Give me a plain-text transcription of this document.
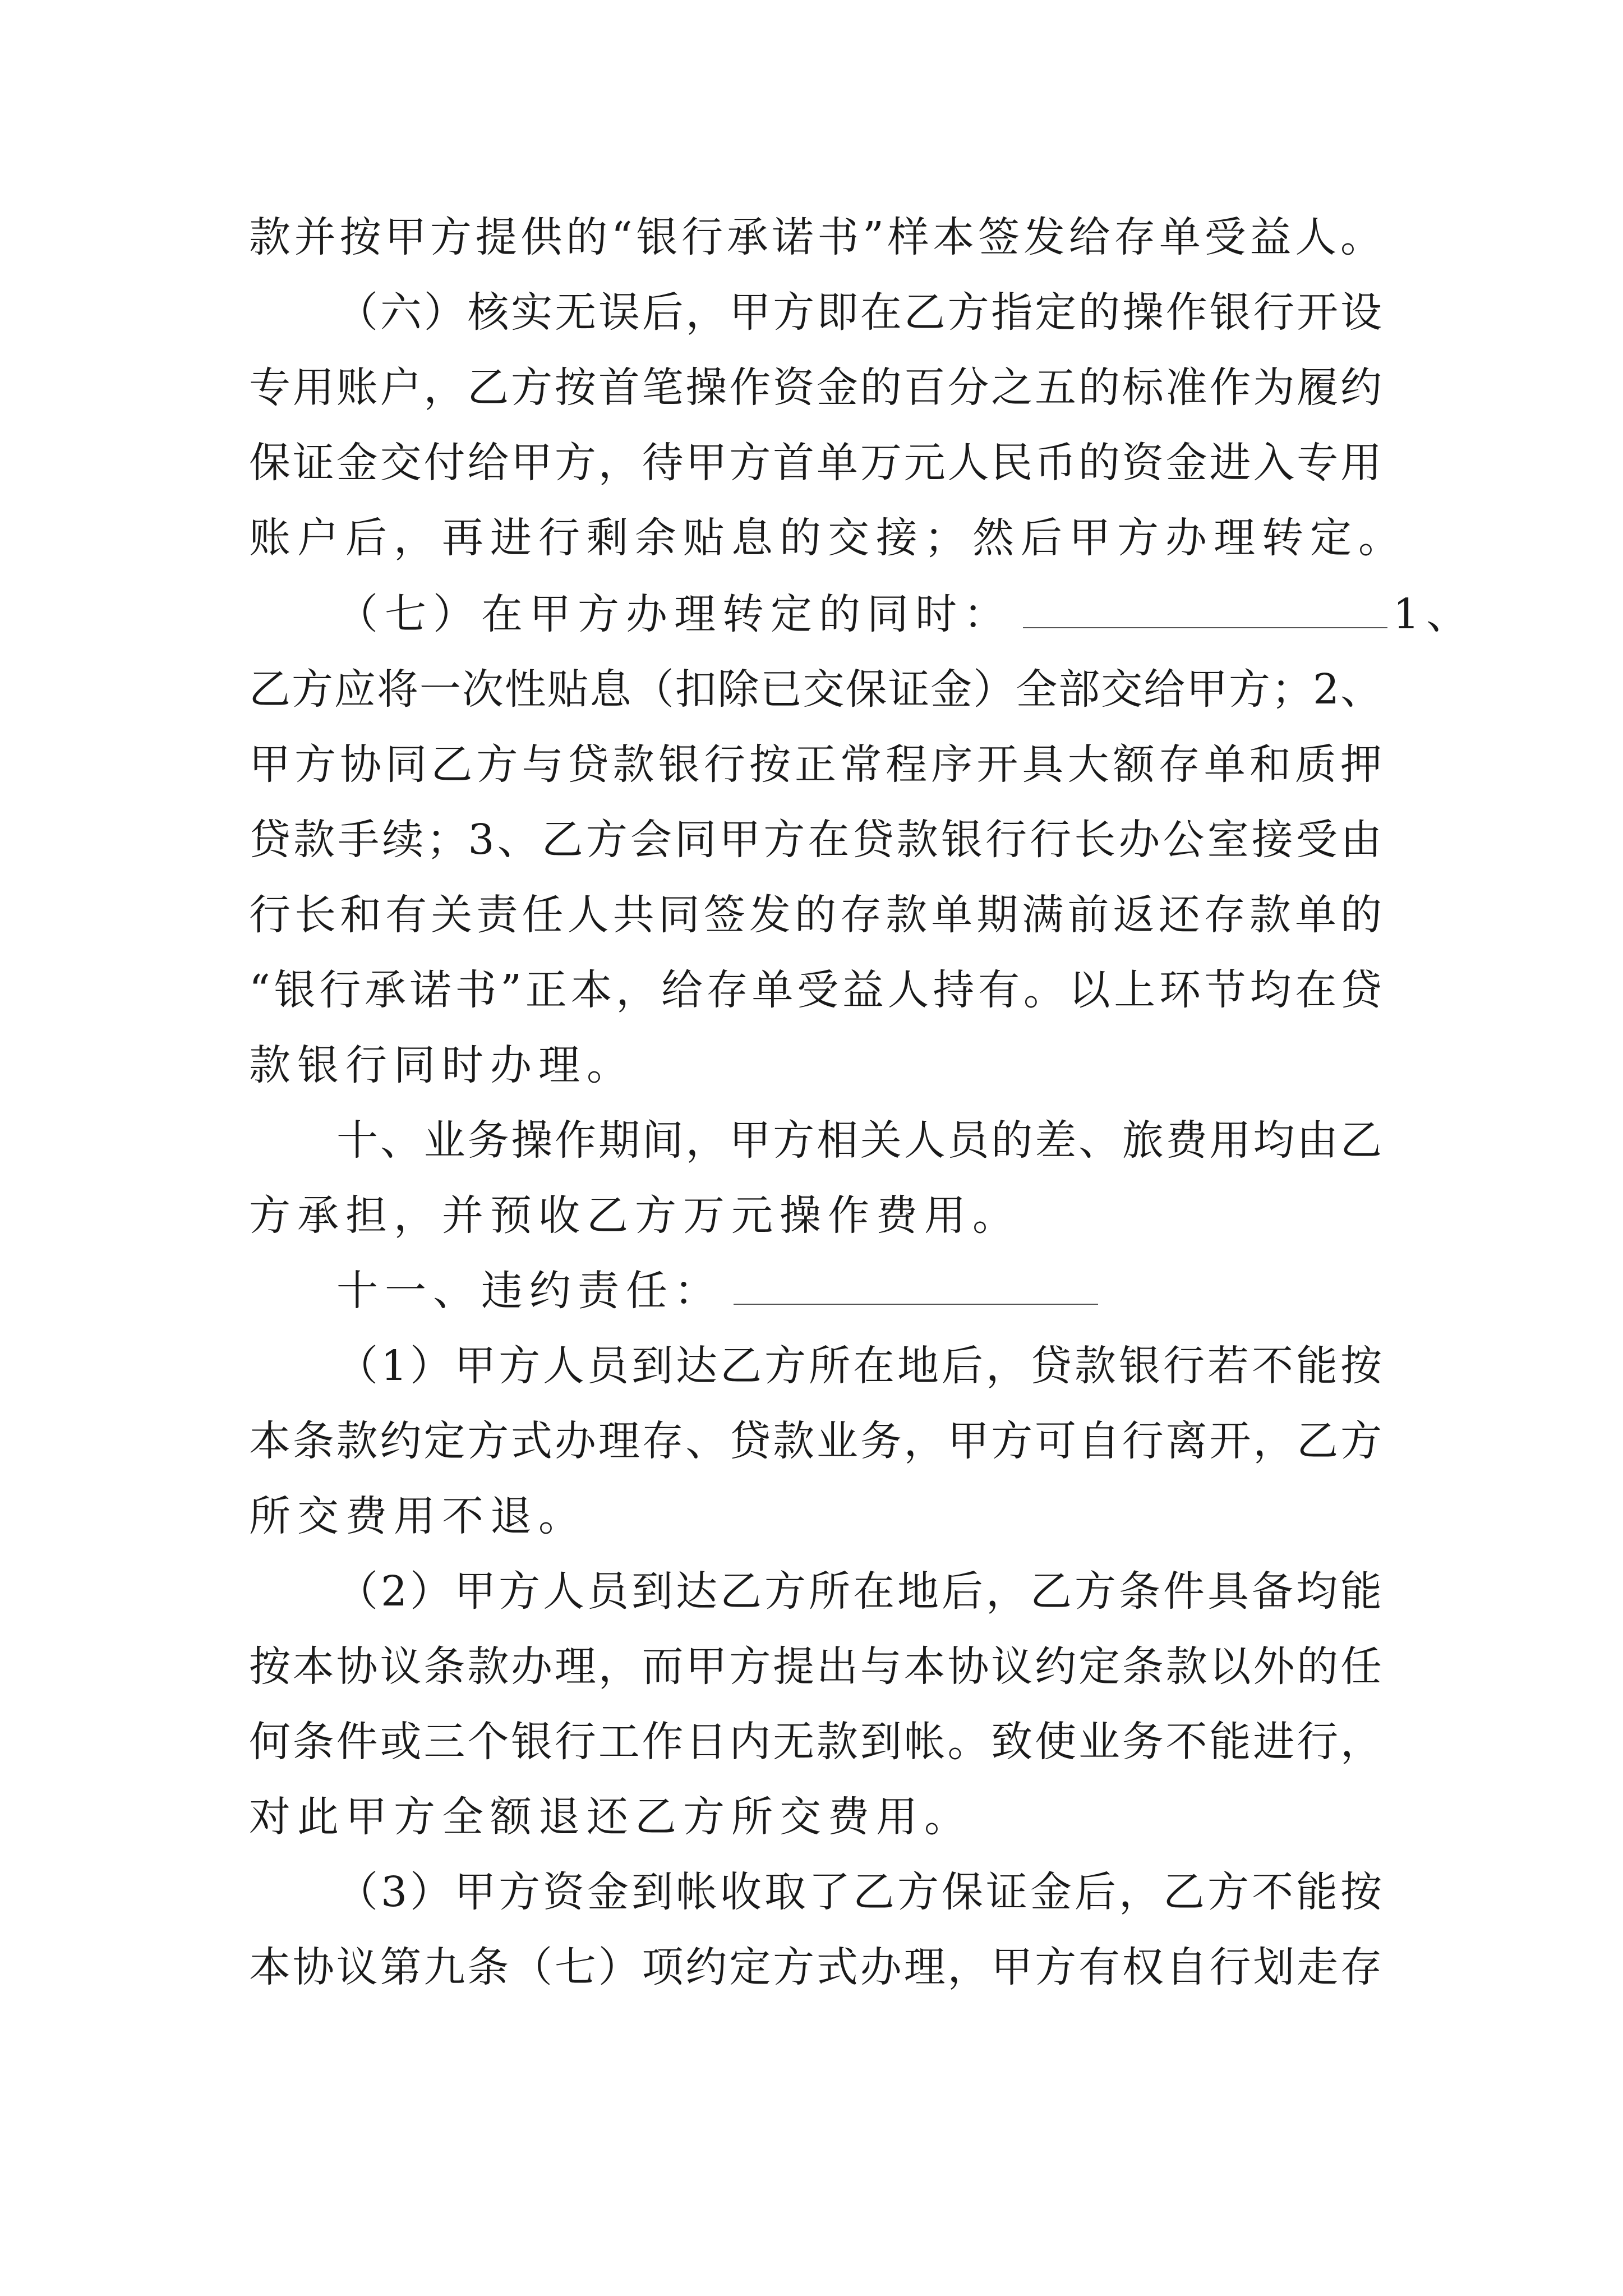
款并按甲方提供的“银行承诺书”样本签发给存单受益人。
（六）核实无误后，甲方即在乙方指定的操作银行开设
专用账户，乙方按首笔操作资金的百分之五的标准作为履约
保证金交付给甲方，待甲方首单万元人民币的资金进入专用
账户后，再进行剩余贴息的交接；然后甲方办理转定。
（七）在甲方办理转定的同时：	1、
乙方应将一次性贴息（扣除已交保证金）全部交给甲方；2、
甲方协同乙方与贷款银行按正常程序开具大额存单和质押
贷款手续；3、乙方会同甲方在贷款银行行长办公室接受由
行长和有关责任人共同签发的存款单期满前返还存款单的
“银行承诺书”正本，给存单受益人持有。以上环节均在贷
款银行同时办理。
十、业务操作期间，甲方相关人员的差、旅费用均由乙
方承担，并预收乙方万元操作费用。
十一、违约责任：
（1）甲方人员到达乙方所在地后，贷款银行若不能按
本条款约定方式办理存、贷款业务，甲方可自行离开，乙方
所交费用不退。
（2）甲方人员到达乙方所在地后，乙方条件具备均能
按本协议条款办理，而甲方提出与本协议约定条款以外的任
何条件或三个银行工作日内无款到帐。致使业务不能进行，
对此甲方全额退还乙方所交费用。
（3）甲方资金到帐收取了乙方保证金后，乙方不能按
本协议第九条（七）项约定方式办理，甲方有权自行划走存
